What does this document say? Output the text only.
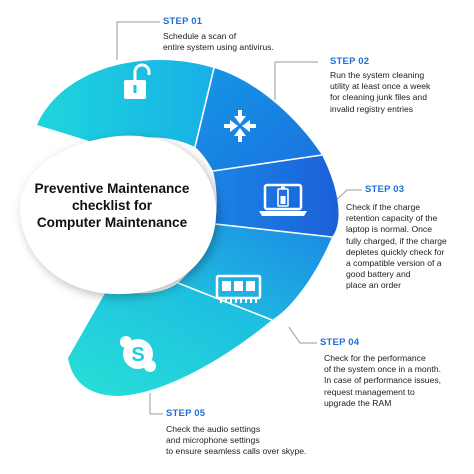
S
Preventive Maintenance
checklist for
Computer Maintenance
STEP 01
Schedule a scan of
entire system using antivirus.
STEP 02
Run the system cleaning
utility at least once a week
for cleaning junk files and
invalid registry entries
STEP 03
Check if the charge
retention capacity of the
laptop is normal. Once
fully charged, if the charge
depletes quickly check for
a compatible version of a
good battery and
place an order
STEP 04
Check for the performance
of the system once in a month.
In case of performance issues,
request management to
upgrade the RAM
STEP 05
Check the audio settings
and microphone settings
to ensure seamless calls over skype.
